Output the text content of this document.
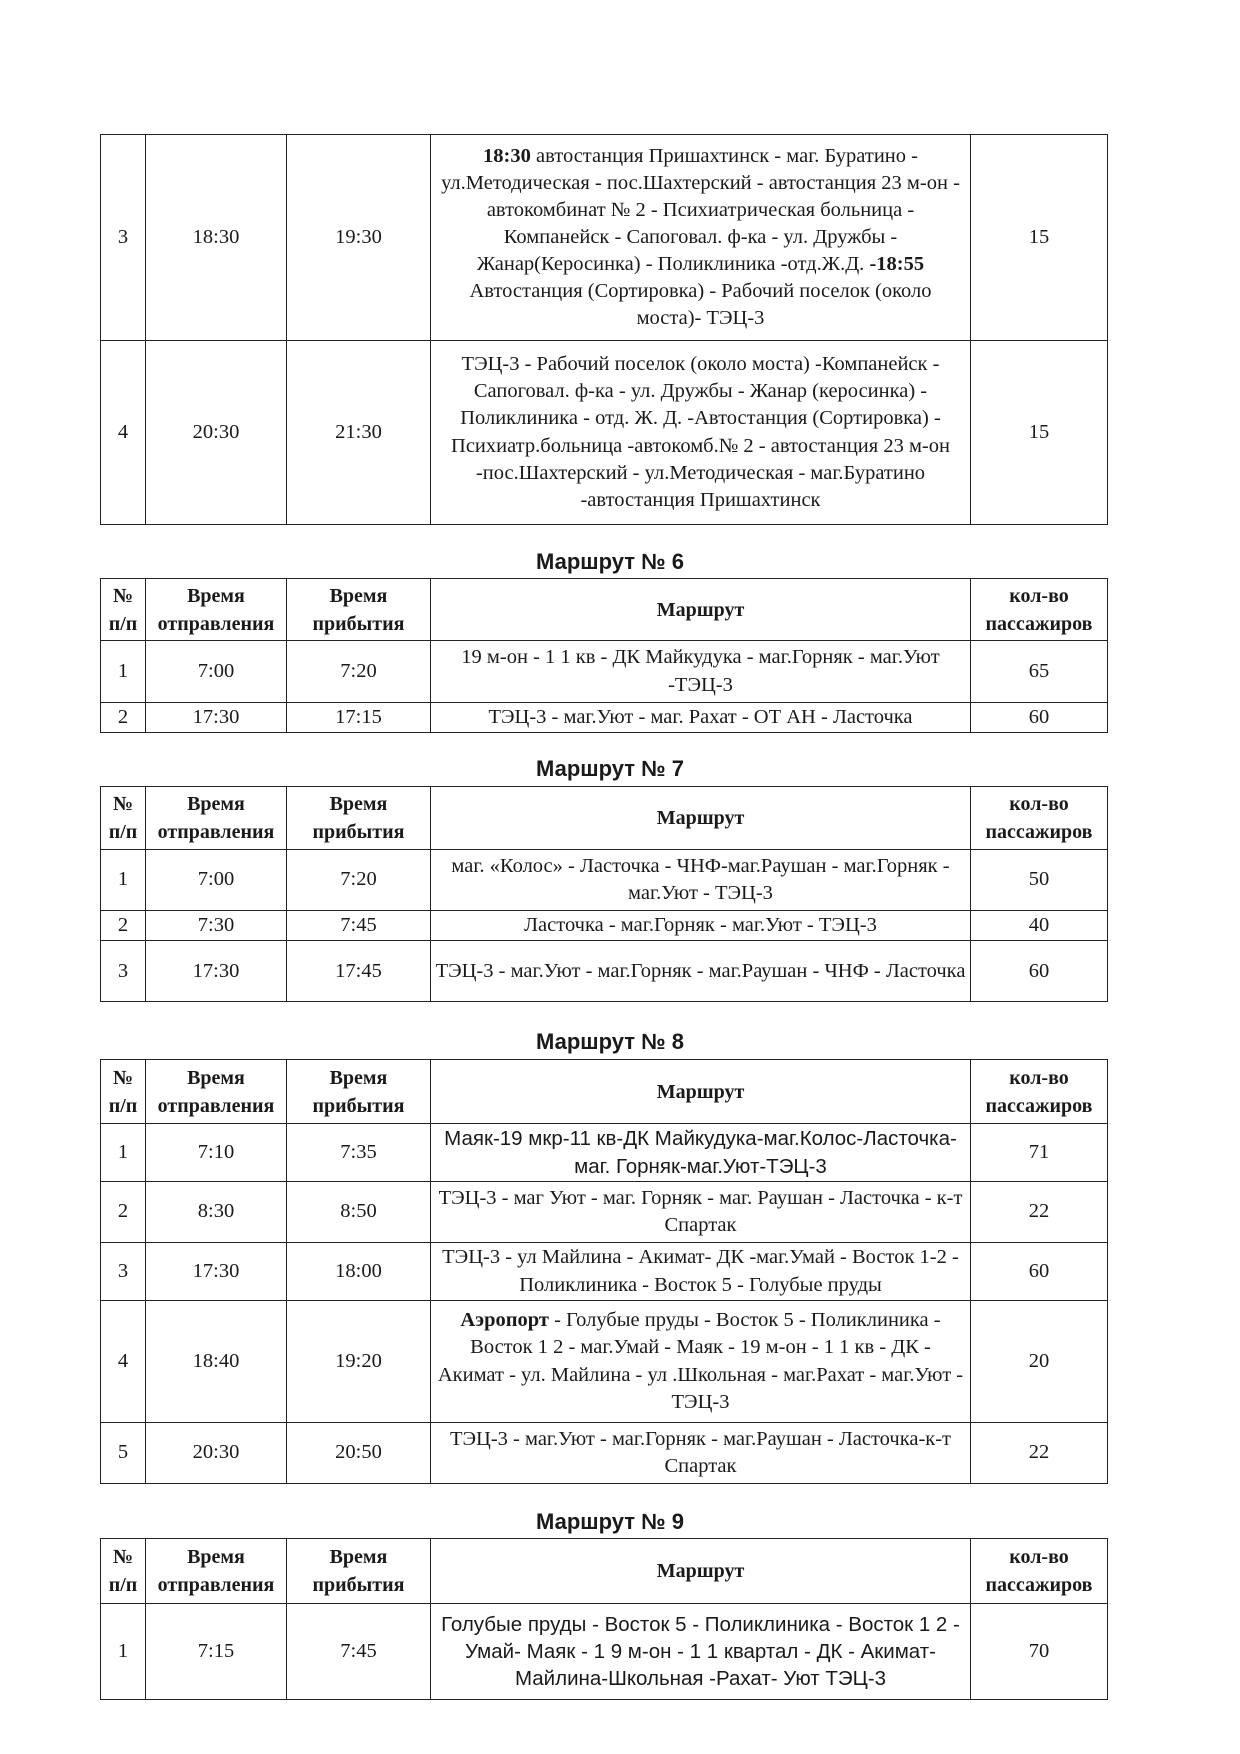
3	18:30	19:30	18:30 автостанция Пришахтинск - маг. Буратино - ул.Методическая - пос.Шахтерский - автостанция 23 м-он - автокомбинат № 2 - Психиатрическая больница - Компанейск - Сапоговал. ф-ка - ул. Дружбы - Жанар(Керосинка) - Поликлиника -отд.Ж.Д. -18:55 Автостанция (Сортировка) - Рабочий поселок (около моста)- ТЭЦ-3	15
4	20:30	21:30	ТЭЦ-3 - Рабочий поселок (около моста) -Компанейск - Сапоговал. ф-ка - ул. Дружбы - Жанар (керосинка) - Поликлиника - отд. Ж. Д. -Автостанция (Сортировка) - Психиатр.больница -автокомб.№ 2 - автостанция 23 м-он -пос.Шахтерский - ул.Методическая - маг.Буратино -автостанция Пришахтинск	15
Маршрут № 6
№ п/п	Время отправления	Время прибытия	Маршрут	кол-во пассажиров
1	7:00	7:20	19 м-он - 1 1 кв - ДК Майкудука - маг.Горняк - маг.Уют -ТЭЦ-3	65
2	17:30	17:15	ТЭЦ-3 - маг.Уют - маг. Рахат - ОТ АН - Ласточка	60
Маршрут № 7
№ п/п	Время отправления	Время прибытия	Маршрут	кол-во пассажиров
1	7:00	7:20	маг. «Колос» - Ласточка - ЧНФ-маг.Раушан - маг.Горняк - маг.Уют - ТЭЦ-3	50
2	7:30	7:45	Ласточка - маг.Горняк - маг.Уют - ТЭЦ-3	40
3	17:30	17:45	ТЭЦ-3 - маг.Уют - маг.Горняк - маг.Раушан - ЧНФ - Ласточка	60
Маршрут № 8
№ п/п	Время отправления	Время прибытия	Маршрут	кол-во пассажиров
1	7:10	7:35	Маяк-19 мкр-11 кв-ДК Майкудука-маг.Колос-Ласточка-маг. Горняк-маг.Уют-ТЭЦ-3	71
2	8:30	8:50	ТЭЦ-3 - маг Уют - маг. Горняк - маг. Раушан - Ласточка - к-т Спартак	22
3	17:30	18:00	ТЭЦ-3 - ул Майлина - Акимат- ДК -маг.Умай - Восток 1-2 - Поликлиника - Восток 5 - Голубые пруды	60
4	18:40	19:20	Аэропорт - Голубые пруды - Восток 5 - Поликлиника - Восток 1 2 - маг.Умай - Маяк - 19 м-он - 1 1 кв - ДК - Акимат - ул. Майлина - ул .Школьная - маг.Рахат - маг.Уют - ТЭЦ-3	20
5	20:30	20:50	ТЭЦ-3 - маг.Уют - маг.Горняк - маг.Раушан - Ласточка-к-т Спартак	22
Маршрут № 9
№ п/п	Время отправления	Время прибытия	Маршрут	кол-во пассажиров
1	7:15	7:45	Голубые пруды - Восток 5 - Поликлиника - Восток 1 2 - Умай- Маяк - 1 9 м-он - 1 1 квартал - ДК - Акимат-Майлина-Школьная -Рахат- Уют ТЭЦ-3	70
